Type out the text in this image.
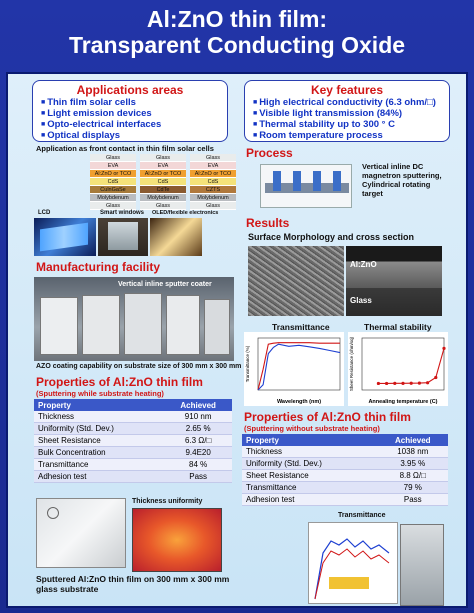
Al:ZnO thin film:
Transparent Conducting Oxide
Applications areas
■ Thin film solar cells
■ Light emission devices
■ Opto-electrical interfaces
■ Optical displays
Key features
■ High electrical conductivity (6.3 ohm/□)
■ Visible light transmission (84%)
■ Thermal stability up to 300 ° C
■ Room temperature process
Application as front contact in thin film solar cells
Glass
EVA
Al:ZnO or TCO
CdS
CulnGaSe
Molybdenum
Glass
Glass
EVA
Al:ZnO or TCO
CdS
CdTe
Molybdenum
Glass
Glass
EVA
Al:ZnO or TCO
CdS
CZTS
Molybdenum
Glass
LCD	Smart windows OLED/flexible electronics
Manufacturing facility
Vertical inline sputter coater
AZO coating capability on substrate size of 300 mm x 300 mm
Properties of Al:ZnO thin film
(Sputtering while substrate heating)
Property	Achieved
Thickness	910 nm
Uniformity (Std. Dev.)	2.65 %
Sheet Resistance	6.3 Ω/□
Bulk Concentration	9.4E20
Transmittance	84 %
Adhesion test	Pass
Process
Vertical inline DC magnetron sputtering, Cylindrical rotating target
Results
Surface Morphology and cross section
Al:ZnO
Glass
Transmittance	Thermal stability
Wavelength (nm)
Transmittance (%)
Annealing temperature (C)
Sheet Resistance (ohm/sq)
Properties of Al:ZnO thin film
(Sputtering without substrate heating)
Property	Achieved
Thickness	1038 nm
Uniformity (Std. Dev.)	3.95 %
Sheet Resistance	8.8 Ω/□
Transmittance	79 %
Adhesion test	Pass
Thickness uniformity
Sputtered Al:ZnO thin film on 300 mm x 300 mm glass substrate
Transmittance
